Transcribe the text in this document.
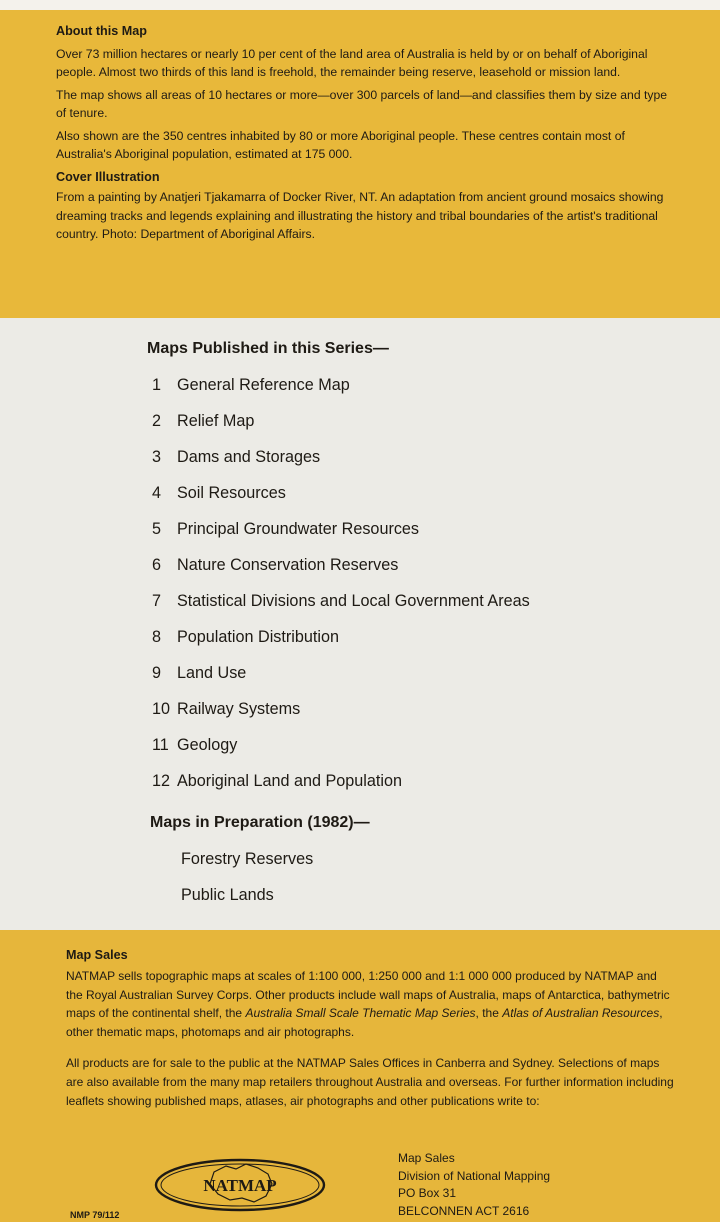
About this Map

Over 73 million hectares or nearly 10 per cent of the land area of Australia is held by or on behalf of Aboriginal people. Almost two thirds of this land is freehold, the remainder being reserve, leasehold or mission land.

The map shows all areas of 10 hectares or more—over 300 parcels of land—and classifies them by size and type of tenure.

Also shown are the 350 centres inhabited by 80 or more Aboriginal people. These centres contain most of Australia's Aboriginal population, estimated at 175 000.

Cover Illustration

From a painting by Anatjeri Tjakamarra of Docker River, NT. An adaptation from ancient ground mosaics showing dreaming tracks and legends explaining and illustrating the history and tribal boundaries of the artist's traditional country. Photo: Department of Aboriginal Affairs.

Maps Published in this Series—
1 General Reference Map
2 Relief Map
3 Dams and Storages
4 Soil Resources
5 Principal Groundwater Resources
6 Nature Conservation Reserves
7 Statistical Divisions and Local Government Areas
8 Population Distribution
9 Land Use
10 Railway Systems
11 Geology
12 Aboriginal Land and Population
Maps in Preparation (1982)—
Forestry Reserves
Public Lands

Map Sales

NATMAP sells topographic maps at scales of 1:100 000, 1:250 000 and 1:1 000 000 produced by NATMAP and the Royal Australian Survey Corps. Other products include wall maps of Australia, maps of Antarctica, bathymetric maps of the continental shelf, the Australia Small Scale Thematic Map Series, the Atlas of Australian Resources, other thematic maps, photomaps and air photographs.

All products are for sale to the public at the NATMAP Sales Offices in Canberra and Sydney. Selections of maps are also available from the many map retailers throughout Australia and overseas. For further information including leaflets showing published maps, atlases, air photographs and other publications write to:

NATMAP
Map Sales
Division of National Mapping
PO Box 31
BELCONNEN ACT 2616
NMP 79/112
